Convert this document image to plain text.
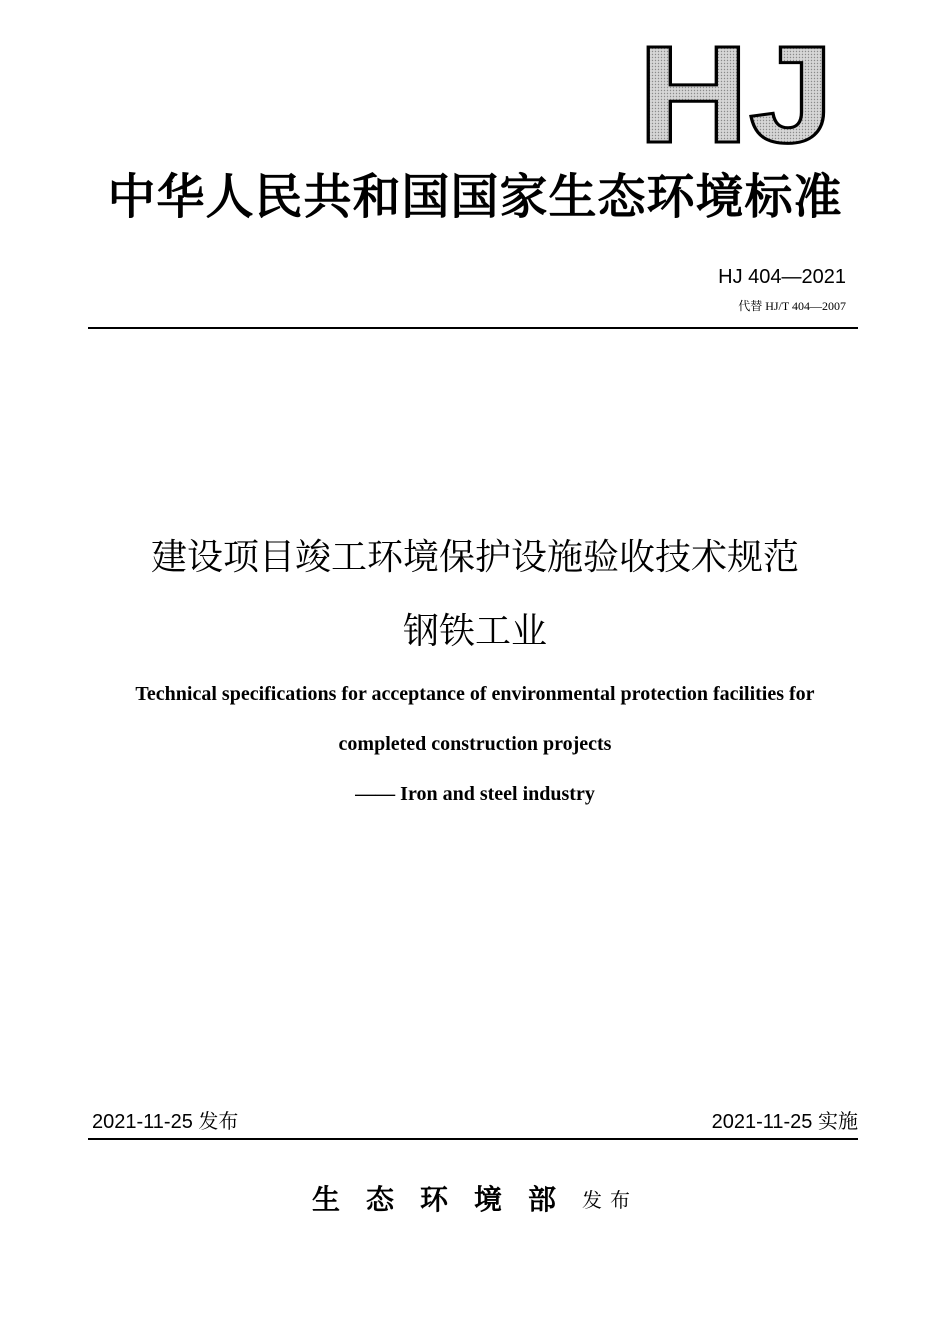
HJ
中华人民共和国国家生态环境标准
HJ 404—2021
代替 HJ/T 404—2007
建设项目竣工环境保护设施验收技术规范
钢铁工业
Technical specifications for acceptance of environmental protection facilities for
completed construction projects
—— Iron and steel industry
2021-11-25 发布	2021-11-25 实施
生态环境部发布
